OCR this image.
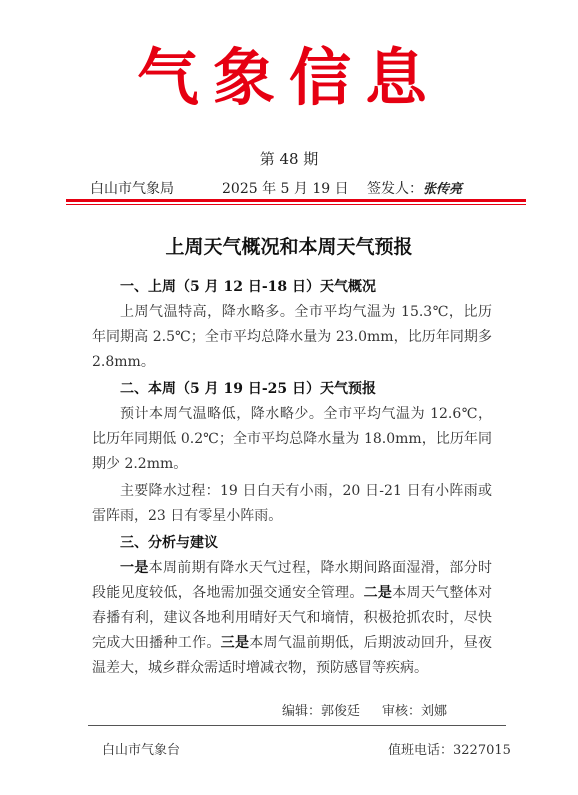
气象信息
第 48 期
白山市气象局	2025 年 5 月 19 日 签发人：张传亮
上周天气概况和本周天气预报
一、上周（5 月 12 日-18 日）天气概况

上周气温特高，降水略多。全市平均气温为 15.3℃，比历年同期高 2.5℃；全市平均总降水量为 23.0mm，比历年同期多 2.8mm。

二、本周（5 月 19 日-25 日）天气预报

预计本周气温略低，降水略少。全市平均气温为 12.6℃，比历年同期低 0.2℃；全市平均总降水量为 18.0mm，比历年同期少 2.2mm。

主要降水过程：19 日白天有小雨，20 日-21 日有小阵雨或雷阵雨，23 日有零星小阵雨。

三、分析与建议

一是本周前期有降水天气过程，降水期间路面湿滑，部分时段能见度较低，各地需加强交通安全管理。二是本周天气整体对春播有利，建议各地利用晴好天气和墒情，积极抢抓农时，尽快完成大田播种工作。三是本周气温前期低，后期波动回升，昼夜温差大，城乡群众需适时增减衣物，预防感冒等疾病。

编辑：郭俊廷 审核：刘娜
白山市气象台	值班电话：3227015
